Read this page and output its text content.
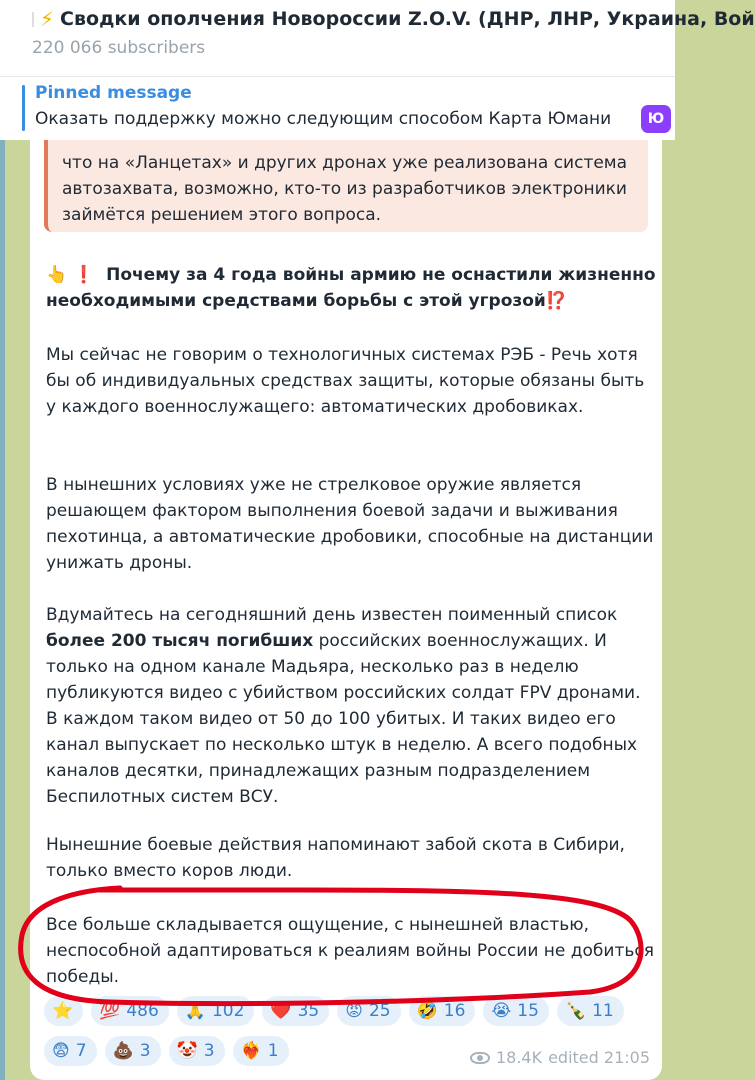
⚡ Сводки ополчения Новороссии Z.O.V. (ДНР, ЛНР, Украина, Вой
220 066 subscribers
Pinned message
Оказать поддержку можно следующим способом Карта Юмани	Ю
что на «Ланцетах» и других дронах уже реализована система автозахвата, возможно, кто-то из разработчиков электроники займётся решением этого вопроса.
👆 ❗ Почему за 4 года войны армию не оснастили жизненно необходимыми средствами борьбы с этой угрозой⁉️
Мы сейчас не говорим о технологичных системах РЭБ - Речь хотя бы об индивидуальных средствах защиты, которые обязаны быть у каждого военнослужащего: автоматических дробовиках.
В нынешних условиях уже не стрелковое оружие является решающем фактором выполнения боевой задачи и выживания пехотинца, а автоматические дробовики, способные на дистанции унижать дроны.
Вдумайтесь на сегодняшний день известен поименный список более 200 тысяч погибших российских военнослужащих. И только на одном канале Мадьяра, несколько раз в неделю публикуются видео с убийством российских солдат FPV дронами. В каждом таком видео от 50 до 100 убитых. И таких видео его канал выпускает по несколько штук в неделю. А всего подобных каналов десятки, принадлежащих разным подразделением Беспилотных систем ВСУ.
Нынешние боевые действия напоминают забой скота в Сибири, только вместо коров люди.
Все больше складывается ощущение, с нынешней властью, неспособной адаптироваться к реалиям войны России не добиться победы.
⭐ 💯 486 🙏 102 ❤️ 35 😡 25 🤣 16 😭 15 🍾 11
😨 7 💩 3 🤡 3 ❤️‍🔥 1	18.4K edited 21:05
